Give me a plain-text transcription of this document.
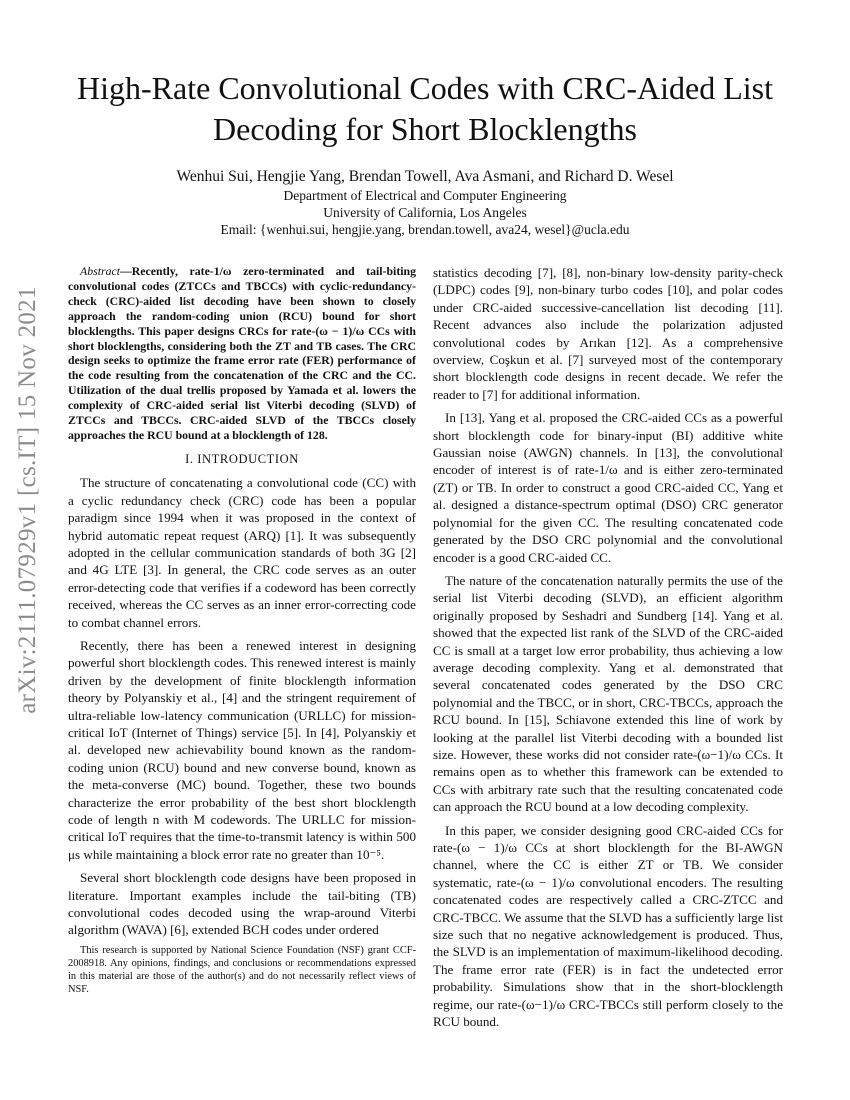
arXiv:2111.07929v1 [cs.IT] 15 Nov 2021
High-Rate Convolutional Codes with CRC-Aided List Decoding for Short Blocklengths
Wenhui Sui, Hengjie Yang, Brendan Towell, Ava Asmani, and Richard D. Wesel
Department of Electrical and Computer Engineering
University of California, Los Angeles
Email: {wenhui.sui, hengjie.yang, brendan.towell, ava24, wesel}@ucla.edu

Abstract—Recently, rate-1/ω zero-terminated and tail-biting convolutional codes (ZTCCs and TBCCs) with cyclic-redundancy-check (CRC)-aided list decoding have been shown to closely approach the random-coding union (RCU) bound for short blocklengths. This paper designs CRCs for rate-(ω − 1)/ω CCs with short blocklengths, considering both the ZT and TB cases. The CRC design seeks to optimize the frame error rate (FER) performance of the code resulting from the concatenation of the CRC and the CC. Utilization of the dual trellis proposed by Yamada et al. lowers the complexity of CRC-aided serial list Viterbi decoding (SLVD) of ZTCCs and TBCCs. CRC-aided SLVD of the TBCCs closely approaches the RCU bound at a blocklength of 128.

I. INTRODUCTION

The structure of concatenating a convolutional code (CC) with a cyclic redundancy check (CRC) code has been a popular paradigm since 1994 when it was proposed in the context of hybrid automatic repeat request (ARQ) [1]. It was subsequently adopted in the cellular communication standards of both 3G [2] and 4G LTE [3]. In general, the CRC code serves as an outer error-detecting code that verifies if a codeword has been correctly received, whereas the CC serves as an inner error-correcting code to combat channel errors.

Recently, there has been a renewed interest in designing powerful short blocklength codes. This renewed interest is mainly driven by the development of finite blocklength information theory by Polyanskiy et al., [4] and the stringent requirement of ultra-reliable low-latency communication (URLLC) for mission-critical IoT (Internet of Things) service [5]. In [4], Polyanskiy et al. developed new achievability bound known as the random-coding union (RCU) bound and new converse bound, known as the meta-converse (MC) bound. Together, these two bounds characterize the error probability of the best short blocklength code of length n with M codewords. The URLLC for mission-critical IoT requires that the time-to-transmit latency is within 500 μs while maintaining a block error rate no greater than 10⁻⁵.

Several short blocklength code designs have been proposed in literature. Important examples include the tail-biting (TB) convolutional codes decoded using the wrap-around Viterbi algorithm (WAVA) [6], extended BCH codes under ordered

This research is supported by National Science Foundation (NSF) grant CCF-2008918. Any opinions, findings, and conclusions or recommendations expressed in this material are those of the author(s) and do not necessarily reflect views of NSF.

statistics decoding [7], [8], non-binary low-density parity-check (LDPC) codes [9], non-binary turbo codes [10], and polar codes under CRC-aided successive-cancellation list decoding [11]. Recent advances also include the polarization adjusted convolutional codes by Arıkan [12]. As a comprehensive overview, Coşkun et al. [7] surveyed most of the contemporary short blocklength code designs in recent decade. We refer the reader to [7] for additional information.

In [13], Yang et al. proposed the CRC-aided CCs as a powerful short blocklength code for binary-input (BI) additive white Gaussian noise (AWGN) channels. In [13], the convolutional encoder of interest is of rate-1/ω and is either zero-terminated (ZT) or TB. In order to construct a good CRC-aided CC, Yang et al. designed a distance-spectrum optimal (DSO) CRC generator polynomial for the given CC. The resulting concatenated code generated by the DSO CRC polynomial and the convolutional encoder is a good CRC-aided CC.

The nature of the concatenation naturally permits the use of the serial list Viterbi decoding (SLVD), an efficient algorithm originally proposed by Seshadri and Sundberg [14]. Yang et al. showed that the expected list rank of the SLVD of the CRC-aided CC is small at a target low error probability, thus achieving a low average decoding complexity. Yang et al. demonstrated that several concatenated codes generated by the DSO CRC polynomial and the TBCC, or in short, CRC-TBCCs, approach the RCU bound. In [15], Schiavone extended this line of work by looking at the parallel list Viterbi decoding with a bounded list size. However, these works did not consider rate-(ω−1)/ω CCs. It remains open as to whether this framework can be extended to CCs with arbitrary rate such that the resulting concatenated code can approach the RCU bound at a low decoding complexity.

In this paper, we consider designing good CRC-aided CCs for rate-(ω − 1)/ω CCs at short blocklength for the BI-AWGN channel, where the CC is either ZT or TB. We consider systematic, rate-(ω − 1)/ω convolutional encoders. The resulting concatenated codes are respectively called a CRC-ZTCC and CRC-TBCC. We assume that the SLVD has a sufficiently large list size such that no negative acknowledgement is produced. Thus, the SLVD is an implementation of maximum-likelihood decoding. The frame error rate (FER) is in fact the undetected error probability. Simulations show that in the short-blocklength regime, our rate-(ω−1)/ω CRC-TBCCs still perform closely to the RCU bound.
